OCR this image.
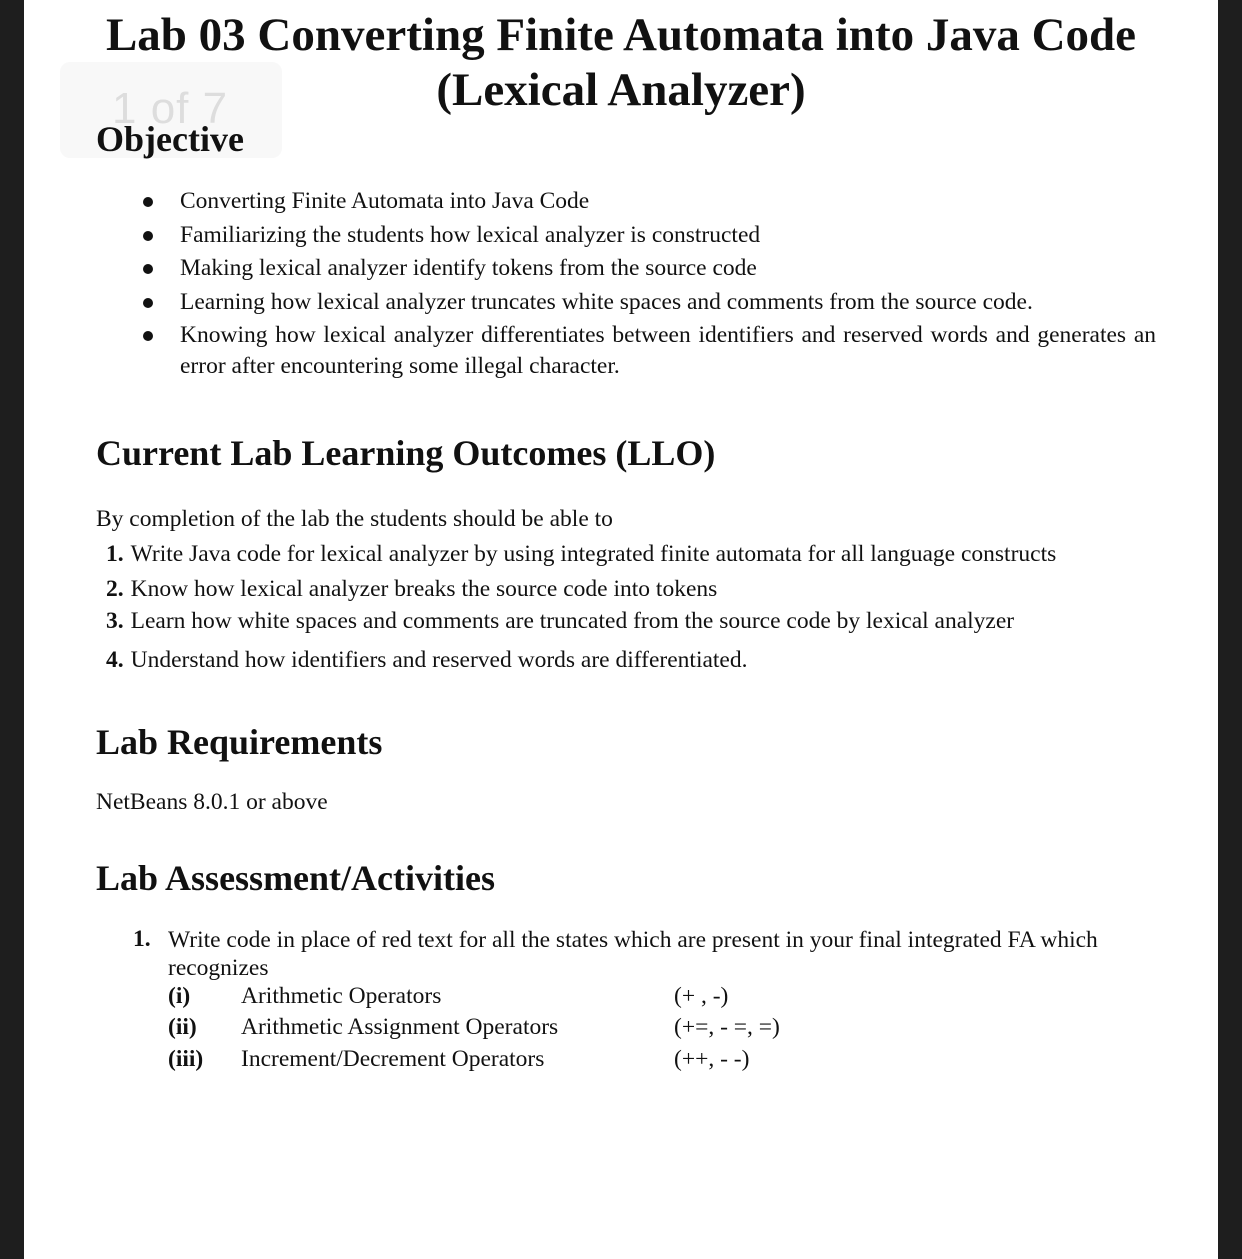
1 of 7
Lab 03 Converting Finite Automata into Java Code
(Lexical Analyzer)
Objective
Converting Finite Automata into Java Code
Familiarizing the students how lexical analyzer is constructed
Making lexical analyzer identify tokens from the source code
Learning how lexical analyzer truncates white spaces and comments from the source code.
Knowing how lexical analyzer differentiates between identifiers and reserved words and generates an error after encountering some illegal character.
Current Lab Learning Outcomes (LLO)

By completion of the lab the students should be able to

1. Write Java code for lexical analyzer by using integrated finite automata for all language constructs
2. Know how lexical analyzer breaks the source code into tokens
3. Learn how white spaces and comments are truncated from the source code by lexical analyzer
4. Understand how identifiers and reserved words are differentiated.
Lab Requirements

NetBeans 8.0.1 or above

Lab Assessment/Activities
1. Write code in place of red text for all the states which are present in your final integrated FA which recognizes
(i) Arithmetic Operators	(+ , -)
(ii) Arithmetic Assignment Operators	(+=, - =, =)
(iii) Increment/Decrement Operators	(++, - -)
